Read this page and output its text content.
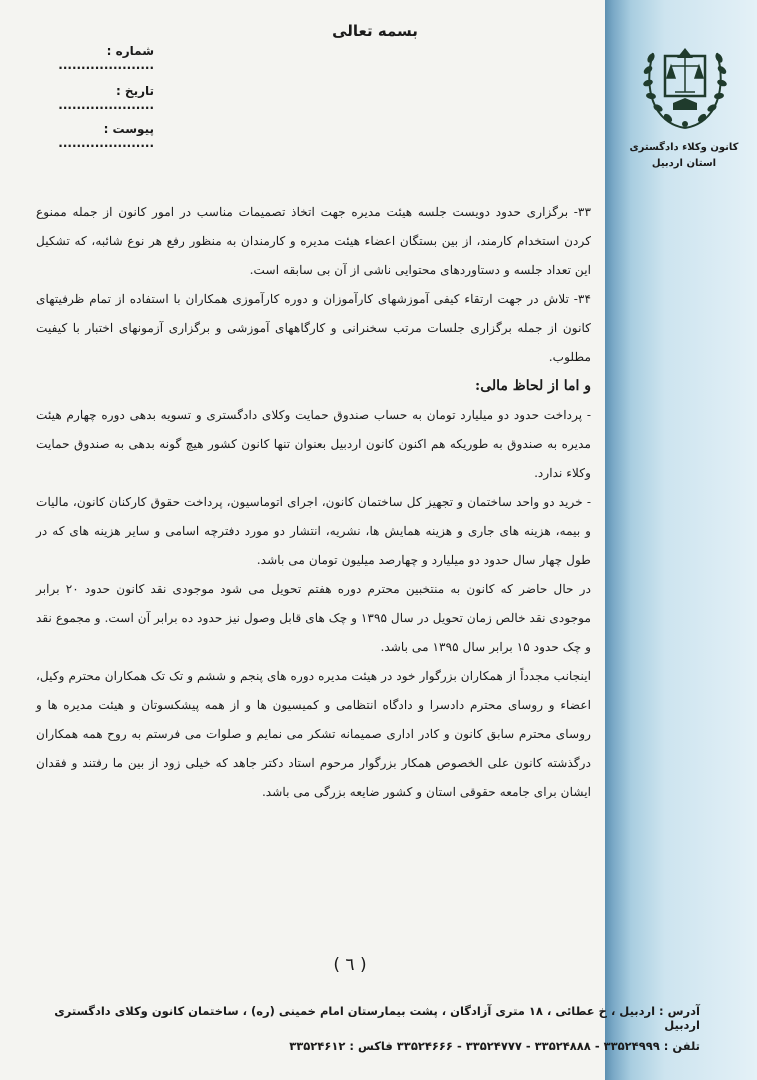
بسمه تعالی
شماره : .....................
تاریخ : .....................
پیوست : .....................	کانون وکلاء دادگستری
استان اردبیل

۳۳- برگزاری حدود دویست جلسه هیئت مدیره جهت اتخاذ تصمیمات مناسب در امور کانون از جمله ممنوع کردن استخدام کارمند، از بین بستگان اعضاء هیئت مدیره و کارمندان به منظور رفع هر نوع شائبه، که تشکیل این تعداد جلسه و دستاوردهای محتوایی ناشی از آن بی سابقه است.

۳۴- تلاش در جهت ارتقاء کیفی آموزشهای کارآموزان و دوره کارآموزی همکاران با استفاده از تمام ظرفیتهای کانون از جمله برگزاری جلسات مرتب سخنرانی و کارگاههای آموزشی و برگزاری آزمونهای اختبار با کیفیت مطلوب.

و اما از لحاظ مالی:

- پرداخت حدود دو میلیارد تومان به حساب صندوق حمایت وکلای دادگستری و تسویه بدهی دوره چهارم هیئت مدیره به صندوق به طوریکه هم اکنون کانون اردبیل بعنوان تنها کانون کشور هیچ گونه بدهی به صندوق حمایت وکلاء ندارد.

- خرید دو واحد ساختمان و تجهیز کل ساختمان کانون، اجرای اتوماسیون، پرداخت حقوق کارکنان کانون، مالیات و بیمه، هزینه های جاری و هزینه همایش ها، نشریه، انتشار دو مورد دفترچه اسامی و سایر هزینه های که در طول چهار سال حدود دو میلیارد و چهارصد میلیون تومان می باشد.

در حال حاضر که کانون به منتخبین محترم دوره هفتم تحویل می شود موجودی نقد کانون حدود ۲۰ برابر موجودی نقد خالص زمان تحویل در سال ۱۳۹۵ و چک های قابل وصول نیز حدود ده برابر آن است. و مجموع نقد و چک حدود ۱۵ برابر سال ۱۳۹۵ می باشد.

اینجانب مجدداً از همکاران بزرگوار خود در هیئت مدیره دوره های پنجم و ششم و تک تک همکاران محترم وکیل، اعضاء و روسای محترم دادسرا و دادگاه انتظامی و کمیسیون ها و از همه پیشکسوتان و هیئت مدیره ها و روسای محترم سابق کانون و کادر اداری صمیمانه تشکر می نمایم و صلوات می فرستم به روح همه همکاران درگذشته کانون علی الخصوص همکار بزرگوار مرحوم استاد دکتر جاهد که خیلی زود از بین ما رفتند و فقدان ایشان برای جامعه حقوقی استان و کشور ضایعه بزرگی می باشد.

( ٦ )
آدرس : اردبیل ، خ عطائی ، ۱۸ متری آزادگان ، پشت بیمارستان امام خمینی (ره) ، ساختمان کانون وکلای دادگستری اردبیل
تلفن : ۳۳۵۲۴۹۹۹ - ۳۳۵۲۴۸۸۸ - ۳۳۵۲۴۷۷۷ - ۳۳۵۲۴۶۶۶ فاکس : ۳۳۵۲۴۶۱۲
